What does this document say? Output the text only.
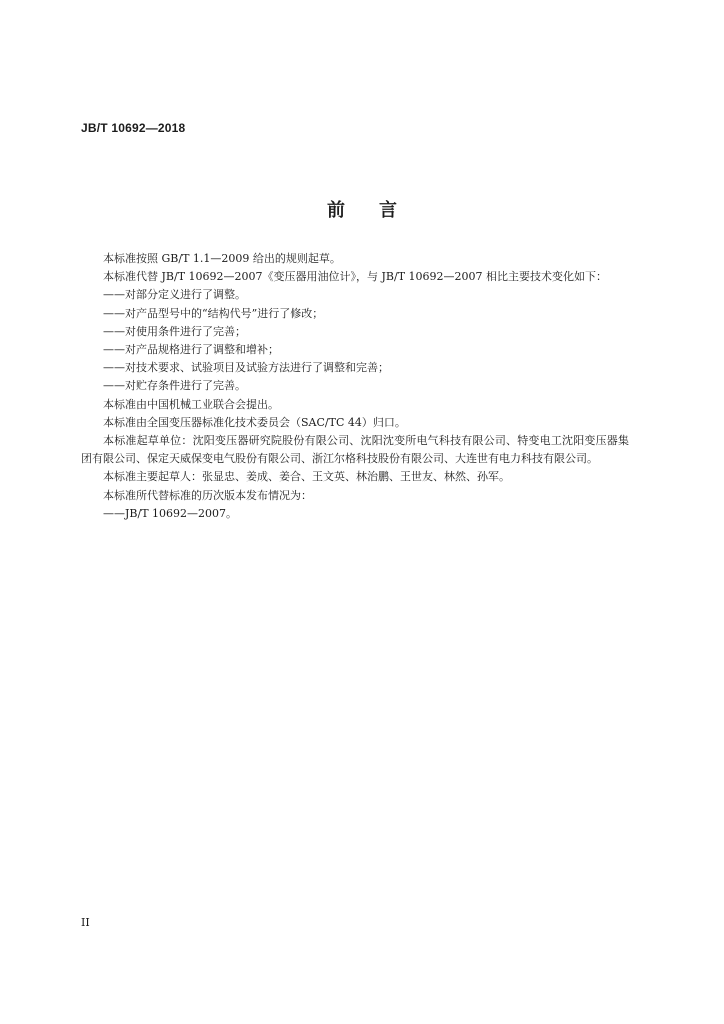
JB/T 10692—2018
前言

本标准按照 GB/T 1.1—2009 给出的规则起草。

本标准代替 JB/T 10692—2007《变压器用油位计》，与 JB/T 10692—2007 相比主要技术变化如下：

——对部分定义进行了调整。

——对产品型号中的“结构代号”进行了修改；

——对使用条件进行了完善；

——对产品规格进行了调整和增补；

——对技术要求、试验项目及试验方法进行了调整和完善；

——对贮存条件进行了完善。

本标准由中国机械工业联合会提出。

本标准由全国变压器标准化技术委员会（SAC/TC 44）归口。

本标准起草单位：沈阳变压器研究院股份有限公司、沈阳沈变所电气科技有限公司、特变电工沈阳变压器集团有限公司、保定天威保变电气股份有限公司、浙江尔格科技股份有限公司、大连世有电力科技有限公司。

本标准主要起草人：张显忠、姜成、姜合、王文英、林治鹏、王世友、林然、孙军。

本标准所代替标准的历次版本发布情况为：

——JB/T 10692—2007。

II
